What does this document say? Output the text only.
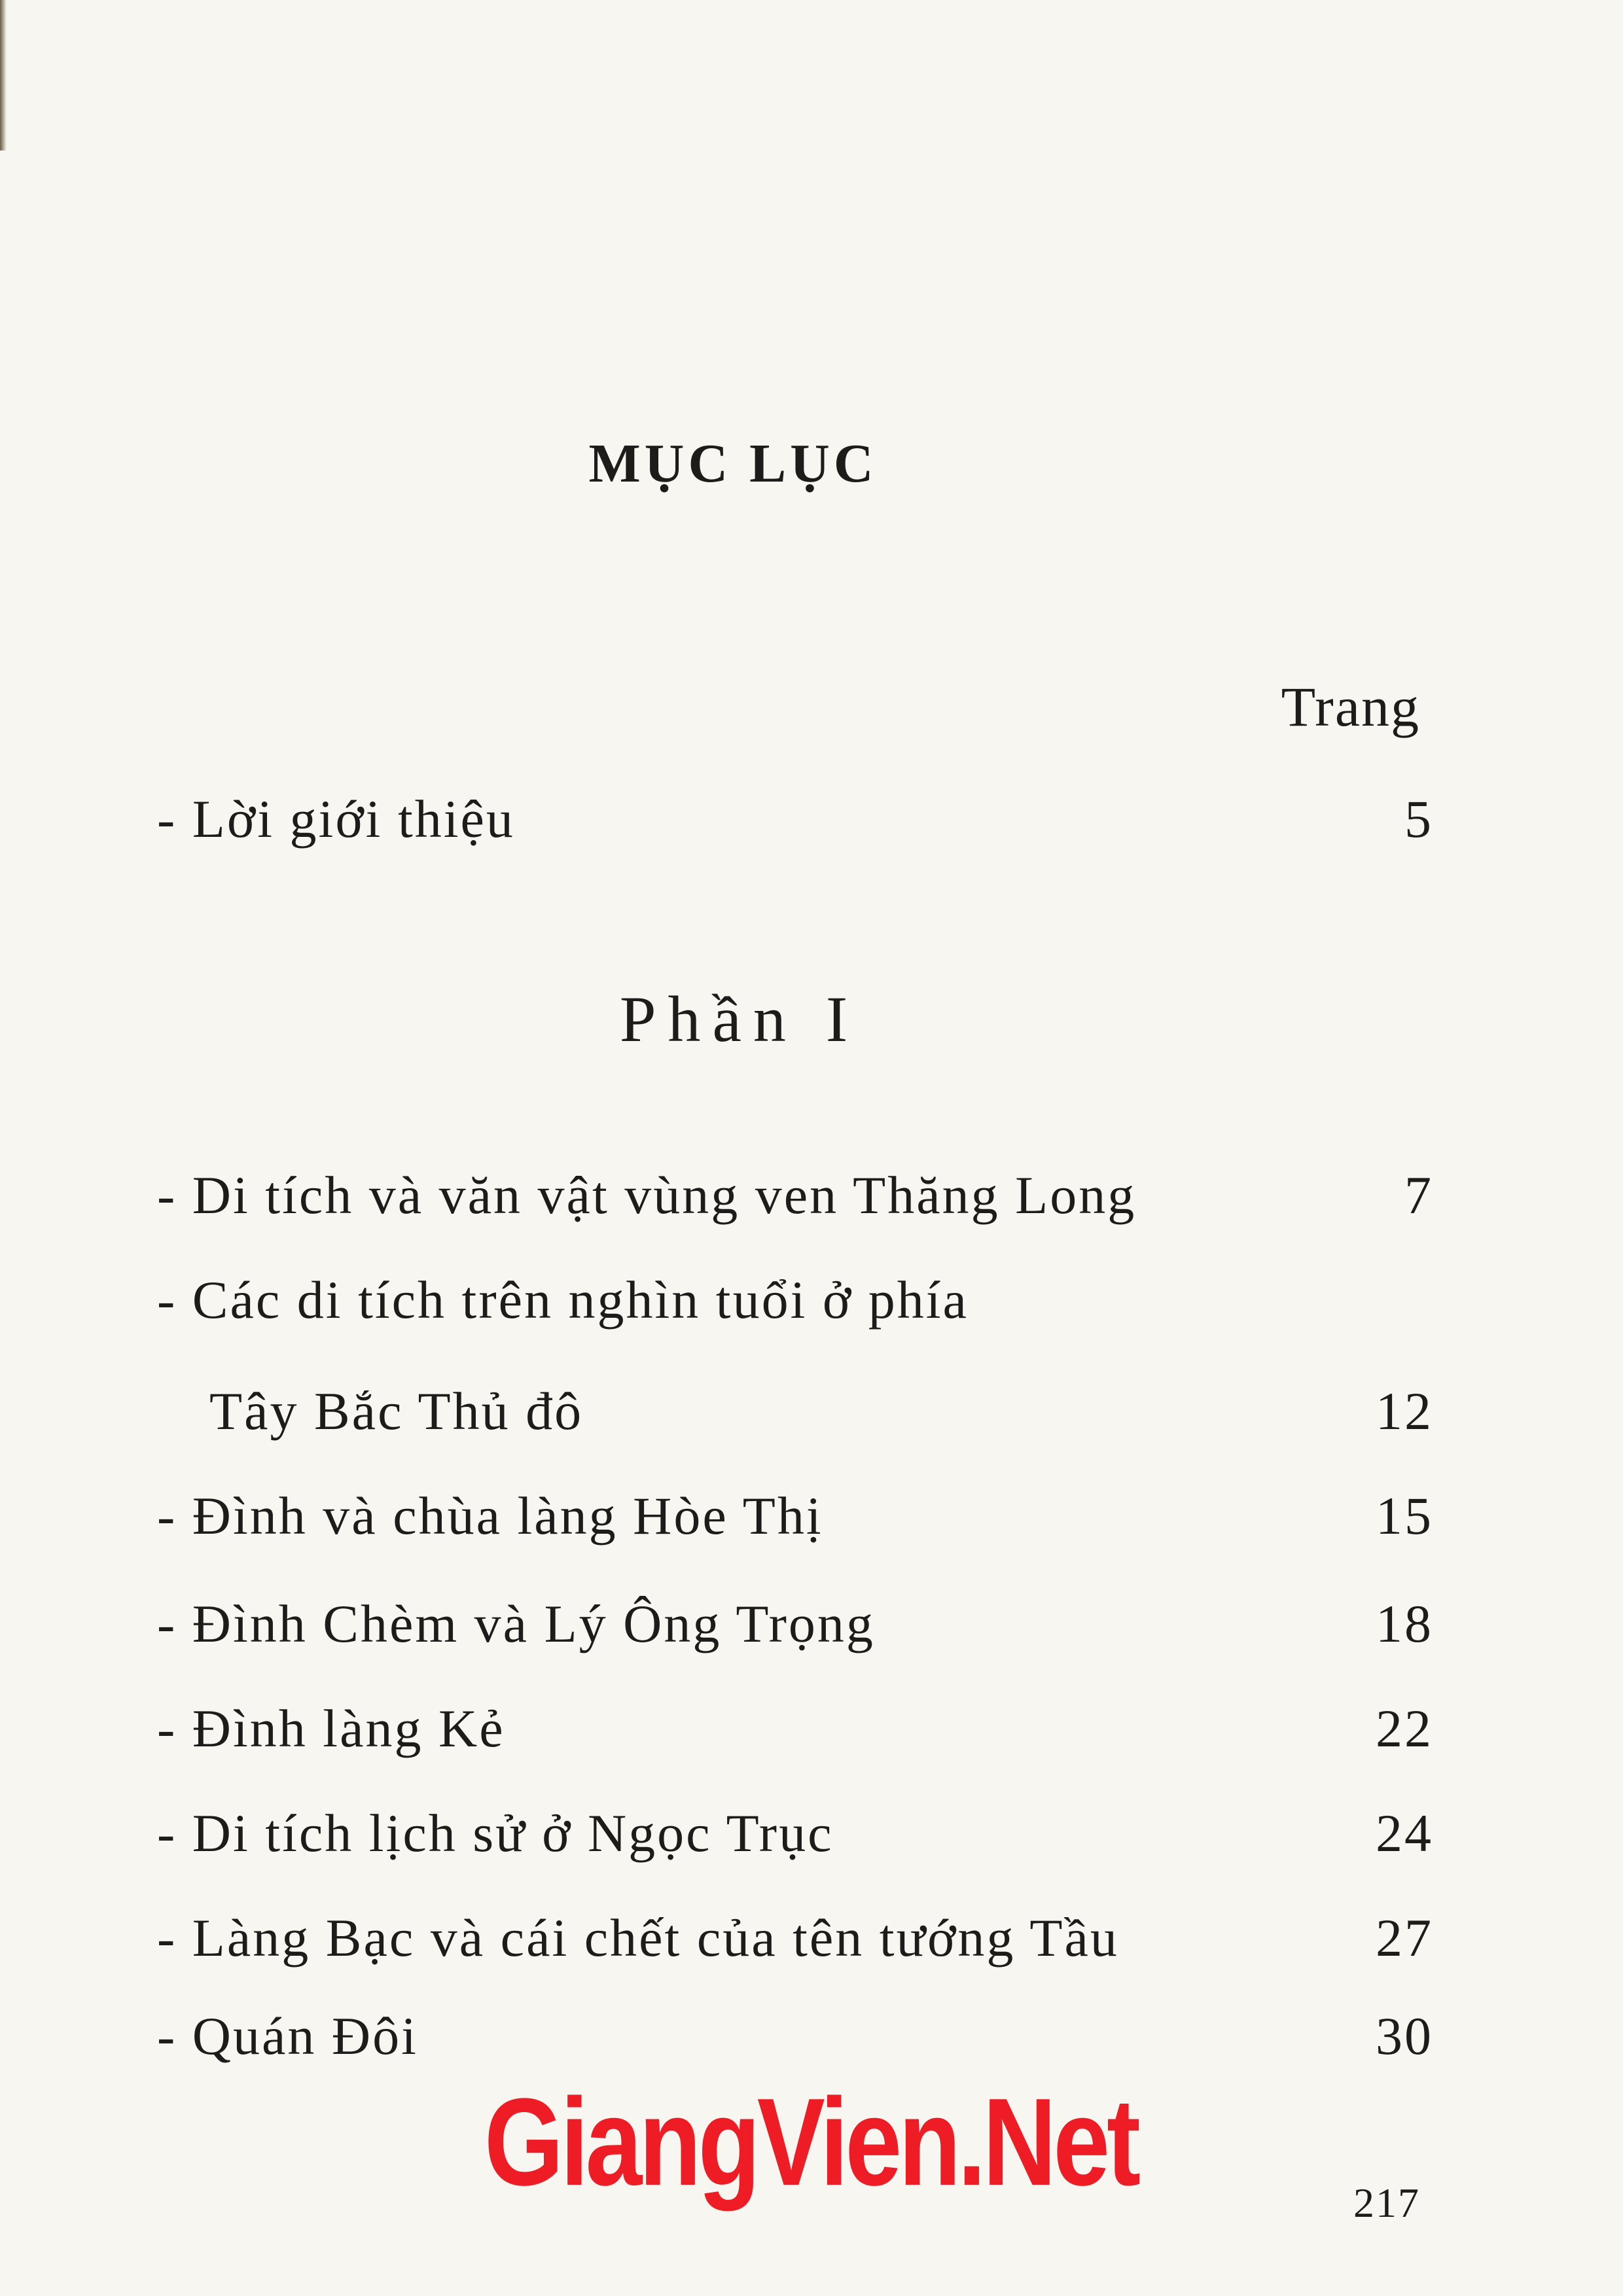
MỤC LỤC
Trang
- Lời giới thiệu	5
Phần I
- Di tích và văn vật vùng ven Thăng Long	7
- Các di tích trên nghìn tuổi ở phía
Tây Bắc Thủ đô	12
- Đình và chùa làng Hòe Thị	15
- Đình Chèm và Lý Ông Trọng	18
- Đình làng Kẻ	22
- Di tích lịch sử ở Ngọc Trục	24
- Làng Bạc và cái chết của tên tướng Tầu	27
- Quán Đôi	30
GiangVien.Net	217
